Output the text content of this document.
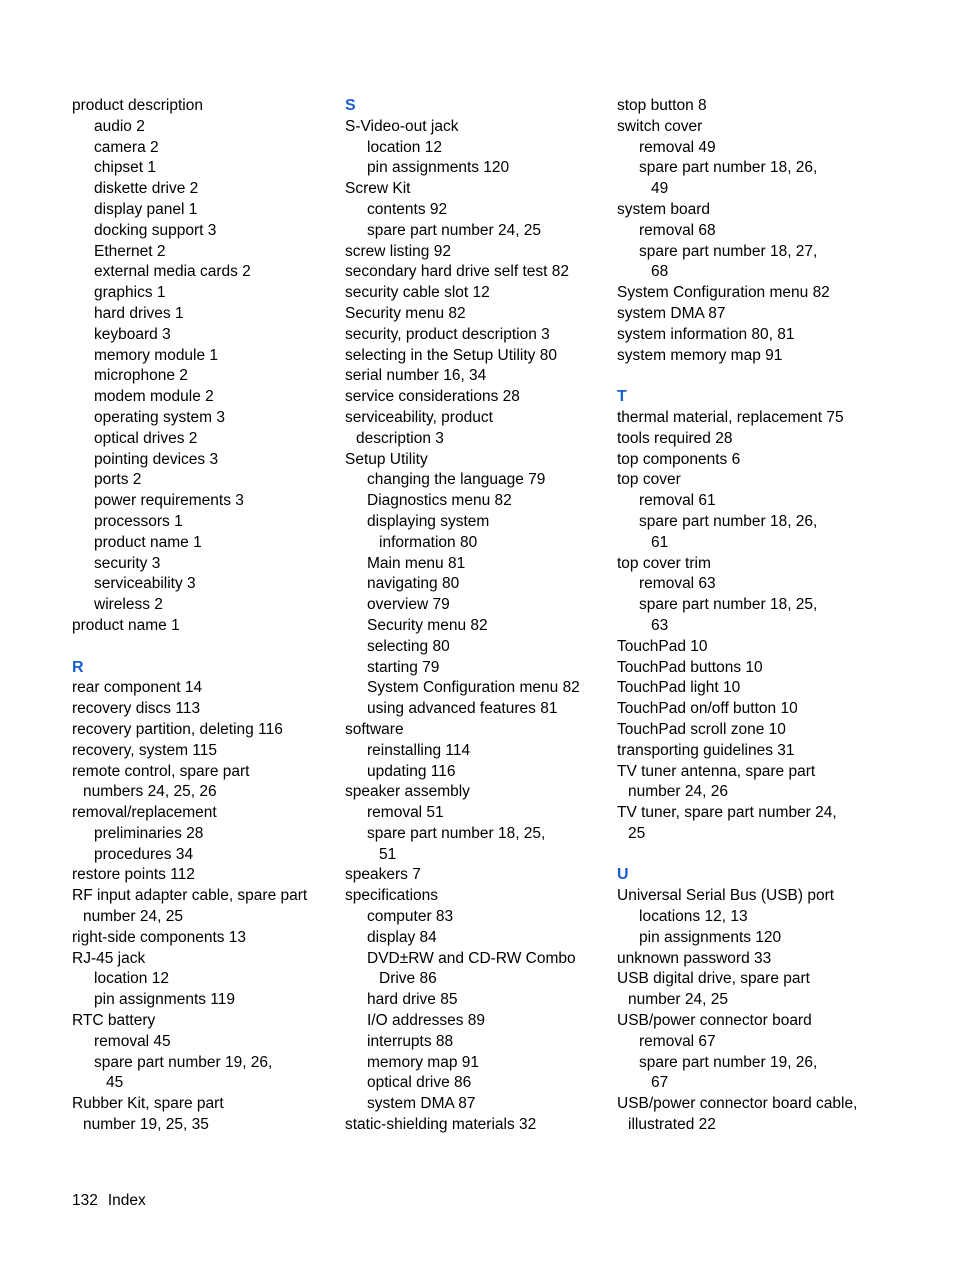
product description
audio 2
camera 2
chipset 1
diskette drive 2
display panel 1
docking support 3
Ethernet 2
external media cards 2
graphics 1
hard drives 1
keyboard 3
memory module 1
microphone 2
modem module 2
operating system 3
optical drives 2
pointing devices 3
ports 2
power requirements 3
processors 1
product name 1
security 3
serviceability 3
wireless 2
product name 1
R
rear component 14
recovery discs 113
recovery partition, deleting 116
recovery, system 115
remote control, spare part
numbers 24, 25, 26
removal/replacement
preliminaries 28
procedures 34
restore points 112
RF input adapter cable, spare part
number 24, 25
right-side components 13
RJ-45 jack
location 12
pin assignments 119
RTC battery
removal 45
spare part number 19, 26,
45
Rubber Kit, spare part
number 19, 25, 35
S
S-Video-out jack
location 12
pin assignments 120
Screw Kit
contents 92
spare part number 24, 25
screw listing 92
secondary hard drive self test 82
security cable slot 12
Security menu 82
security, product description 3
selecting in the Setup Utility 80
serial number 16, 34
service considerations 28
serviceability, product
description 3
Setup Utility
changing the language 79
Diagnostics menu 82
displaying system
information 80
Main menu 81
navigating 80
overview 79
Security menu 82
selecting 80
starting 79
System Configuration menu 82
using advanced features 81
software
reinstalling 114
updating 116
speaker assembly
removal 51
spare part number 18, 25,
51
speakers 7
specifications
computer 83
display 84
DVD±RW and CD-RW Combo
Drive 86
hard drive 85
I/O addresses 89
interrupts 88
memory map 91
optical drive 86
system DMA 87
static-shielding materials 32
stop button 8
switch cover
removal 49
spare part number 18, 26,
49
system board
removal 68
spare part number 18, 27,
68
System Configuration menu 82
system DMA 87
system information 80, 81
system memory map 91
T
thermal material, replacement 75
tools required 28
top components 6
top cover
removal 61
spare part number 18, 26,
61
top cover trim
removal 63
spare part number 18, 25,
63
TouchPad 10
TouchPad buttons 10
TouchPad light 10
TouchPad on/off button 10
TouchPad scroll zone 10
transporting guidelines 31
TV tuner antenna, spare part
number 24, 26
TV tuner, spare part number 24,
25
U
Universal Serial Bus (USB) port
locations 12, 13
pin assignments 120
unknown password 33
USB digital drive, spare part
number 24, 25
USB/power connector board
removal 67
spare part number 19, 26,
67
USB/power connector board cable,
illustrated 22
132 Index
